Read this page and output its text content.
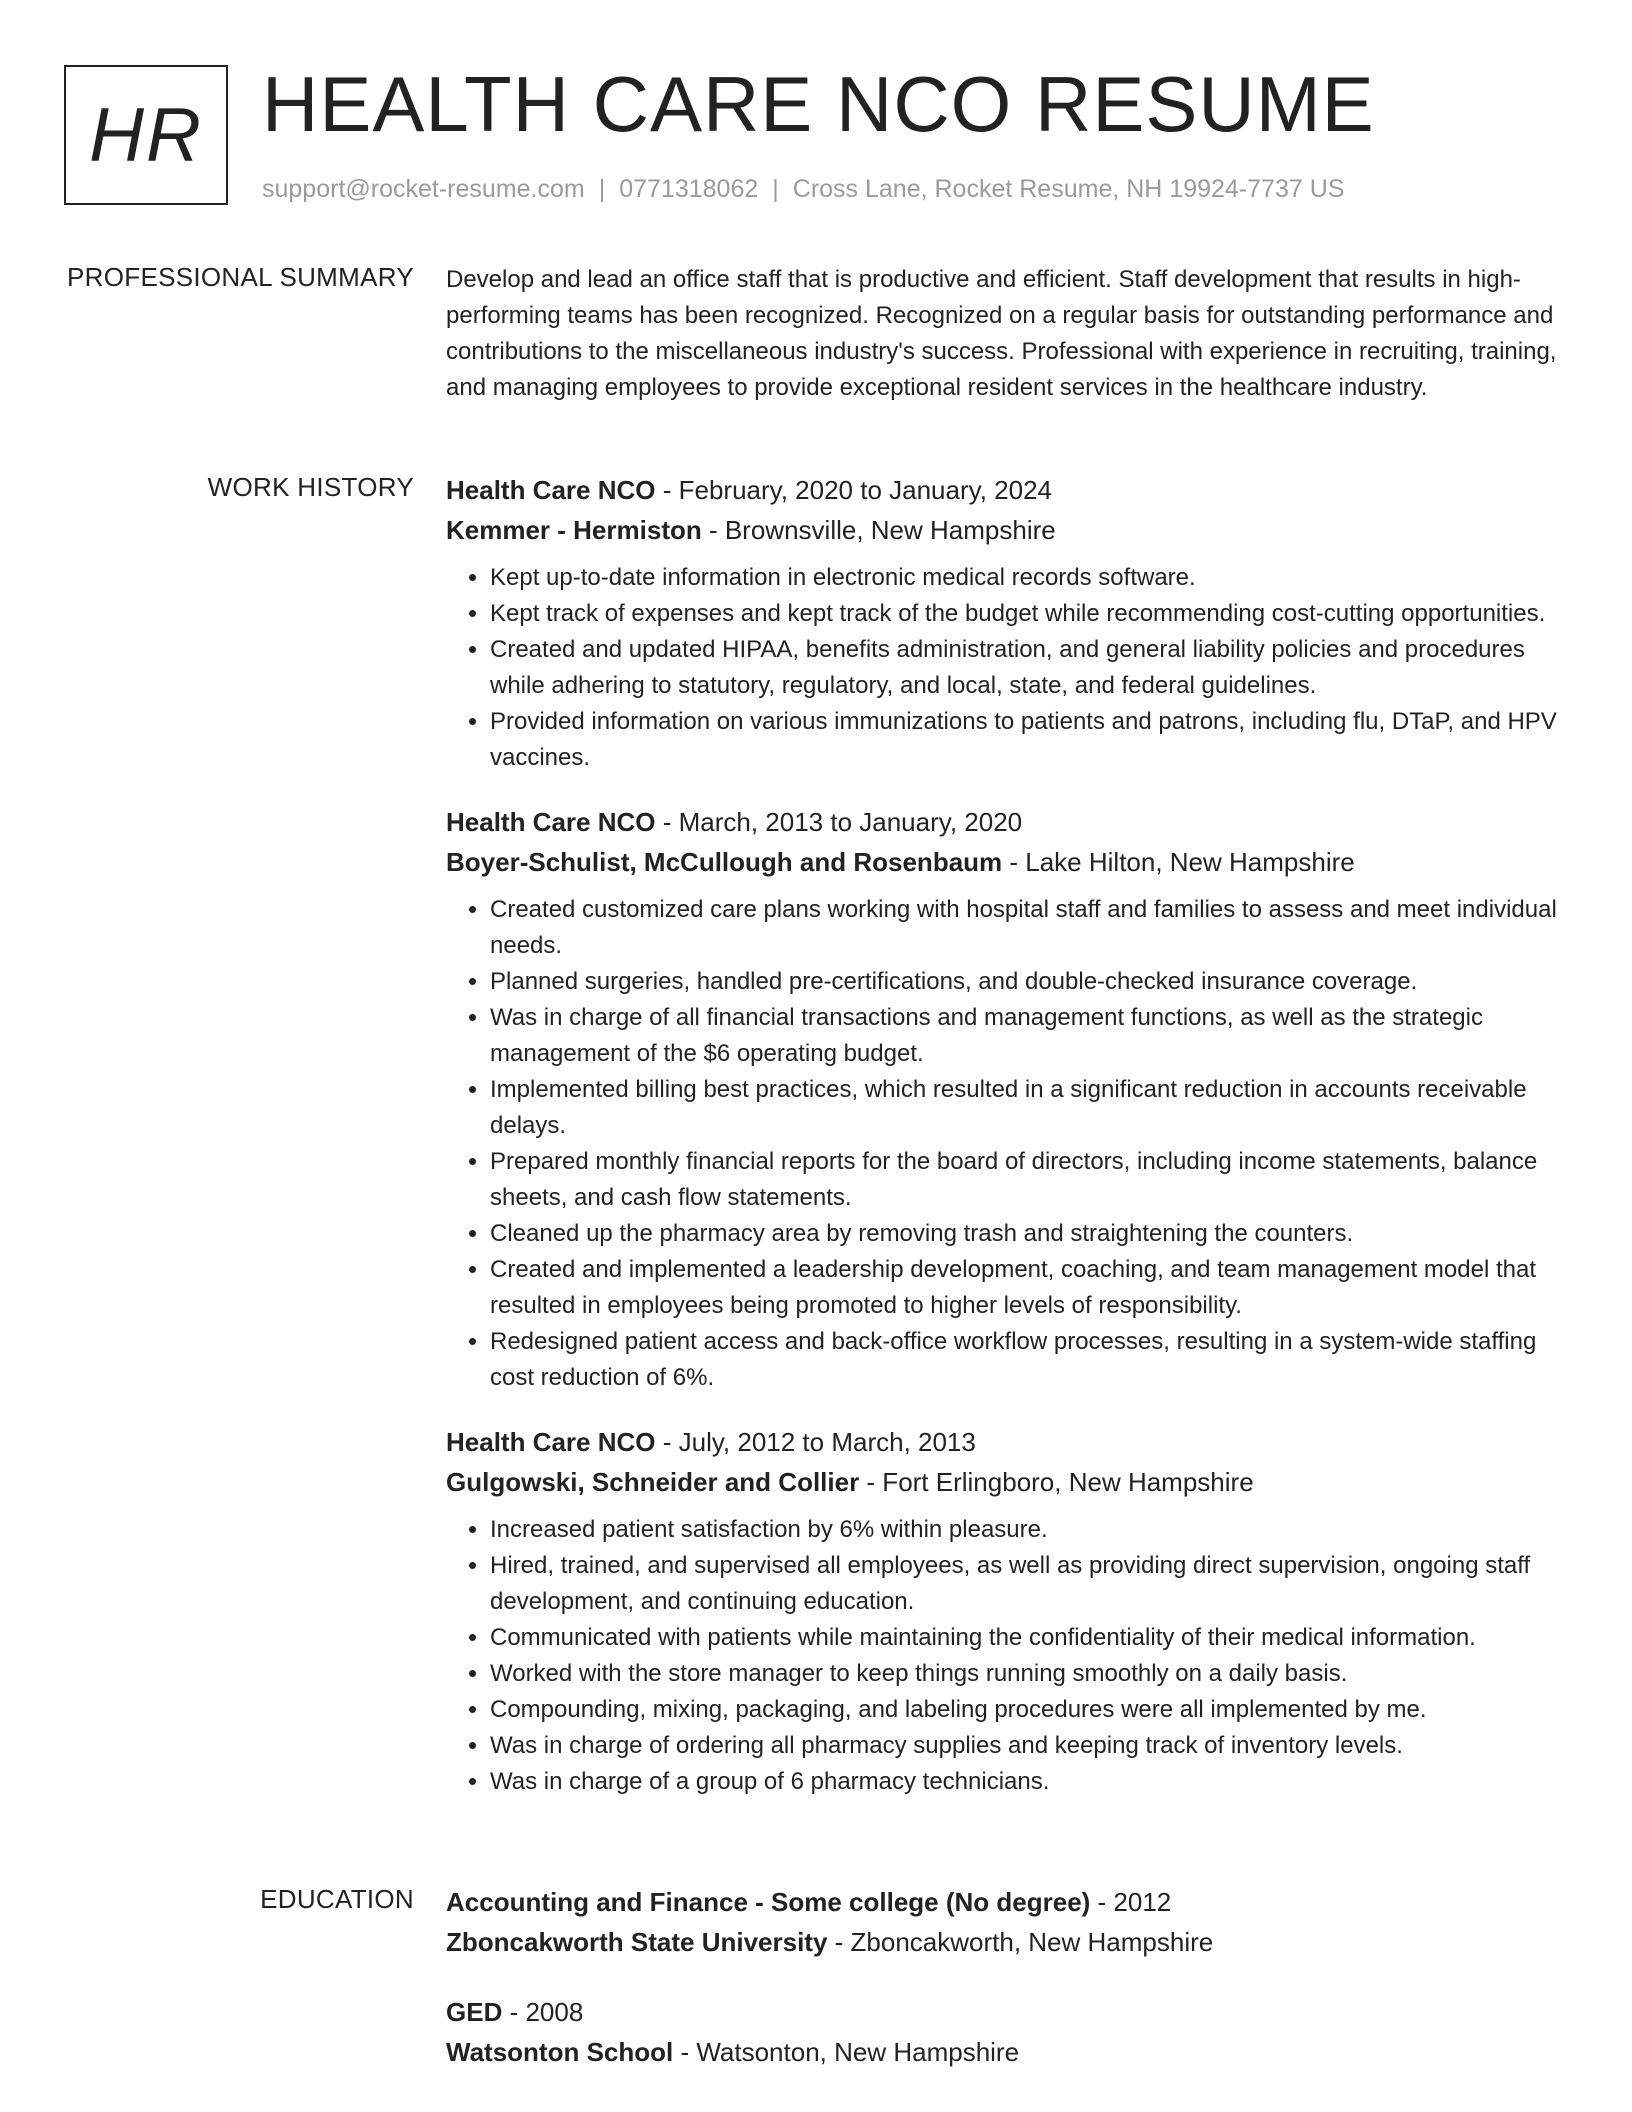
HR HEALTH CARE NCO RESUME
support@rocket-resume.com | 0771318062 | Cross Lane, Rocket Resume, NH 19924-7737 US
PROFESSIONAL SUMMARY Develop and lead an office staff that is productive and efficient. Staff development that results in high-performing teams has been recognized. Recognized on a regular basis for outstanding performance and contributions to the miscellaneous industry's success. Professional with experience in recruiting, training, and managing employees to provide exceptional resident services in the healthcare industry.

WORK HISTORY Health Care NCO - February, 2020 to January, 2024
Kemmer - Hermiston - Brownsville, New Hampshire
• Kept up-to-date information in electronic medical records software.
• Kept track of expenses and kept track of the budget while recommending cost-cutting opportunities.
• Created and updated HIPAA, benefits administration, and general liability policies and procedures while adhering to statutory, regulatory, and local, state, and federal guidelines.
• Provided information on various immunizations to patients and patrons, including flu, DTaP, and HPV vaccines.
Health Care NCO - March, 2013 to January, 2020
Boyer-Schulist, McCullough and Rosenbaum - Lake Hilton, New Hampshire
• Created customized care plans working with hospital staff and families to assess and meet individual needs.
• Planned surgeries, handled pre-certifications, and double-checked insurance coverage.
• Was in charge of all financial transactions and management functions, as well as the strategic management of the $6 operating budget.
• Implemented billing best practices, which resulted in a significant reduction in accounts receivable delays.
• Prepared monthly financial reports for the board of directors, including income statements, balance sheets, and cash flow statements.
• Cleaned up the pharmacy area by removing trash and straightening the counters.
• Created and implemented a leadership development, coaching, and team management model that resulted in employees being promoted to higher levels of responsibility.
• Redesigned patient access and back-office workflow processes, resulting in a system-wide staffing cost reduction of 6%.
Health Care NCO - July, 2012 to March, 2013
Gulgowski, Schneider and Collier - Fort Erlingboro, New Hampshire
• Increased patient satisfaction by 6% within pleasure.
• Hired, trained, and supervised all employees, as well as providing direct supervision, ongoing staff development, and continuing education.
• Communicated with patients while maintaining the confidentiality of their medical information.
• Worked with the store manager to keep things running smoothly on a daily basis.
• Compounding, mixing, packaging, and labeling procedures were all implemented by me.
• Was in charge of ordering all pharmacy supplies and keeping track of inventory levels.
• Was in charge of a group of 6 pharmacy technicians.
EDUCATION Accounting and Finance - Some college (No degree) - 2012
Zboncakworth State University - Zboncakworth, New Hampshire
GED - 2008
Watsonton School - Watsonton, New Hampshire
